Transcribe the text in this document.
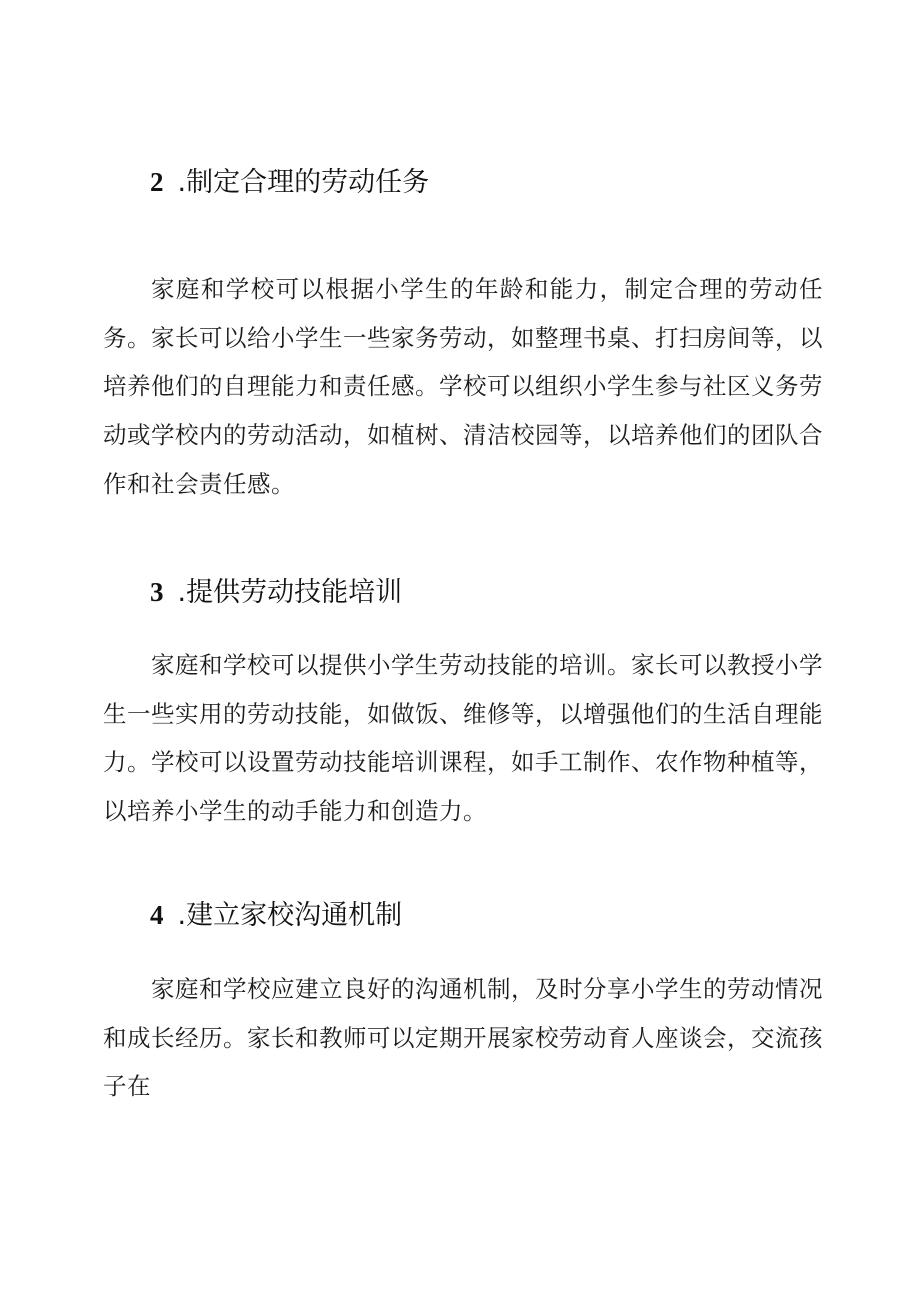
2 .制定合理的劳动任务

家庭和学校可以根据小学生的年龄和能力，制定合理的劳动任务。家长可以给小学生一些家务劳动，如整理书桌、打扫房间等，以培养他们的自理能力和责任感。学校可以组织小学生参与社区义务劳动或学校内的劳动活动，如植树、清洁校园等，以培养他们的团队合作和社会责任感。

3 .提供劳动技能培训

家庭和学校可以提供小学生劳动技能的培训。家长可以教授小学生一些实用的劳动技能，如做饭、维修等，以增强他们的生活自理能力。学校可以设置劳动技能培训课程，如手工制作、农作物种植等，以培养小学生的动手能力和创造力。

4 .建立家校沟通机制

家庭和学校应建立良好的沟通机制，及时分享小学生的劳动情况和成长经历。家长和教师可以定期开展家校劳动育人座谈会，交流孩子在
